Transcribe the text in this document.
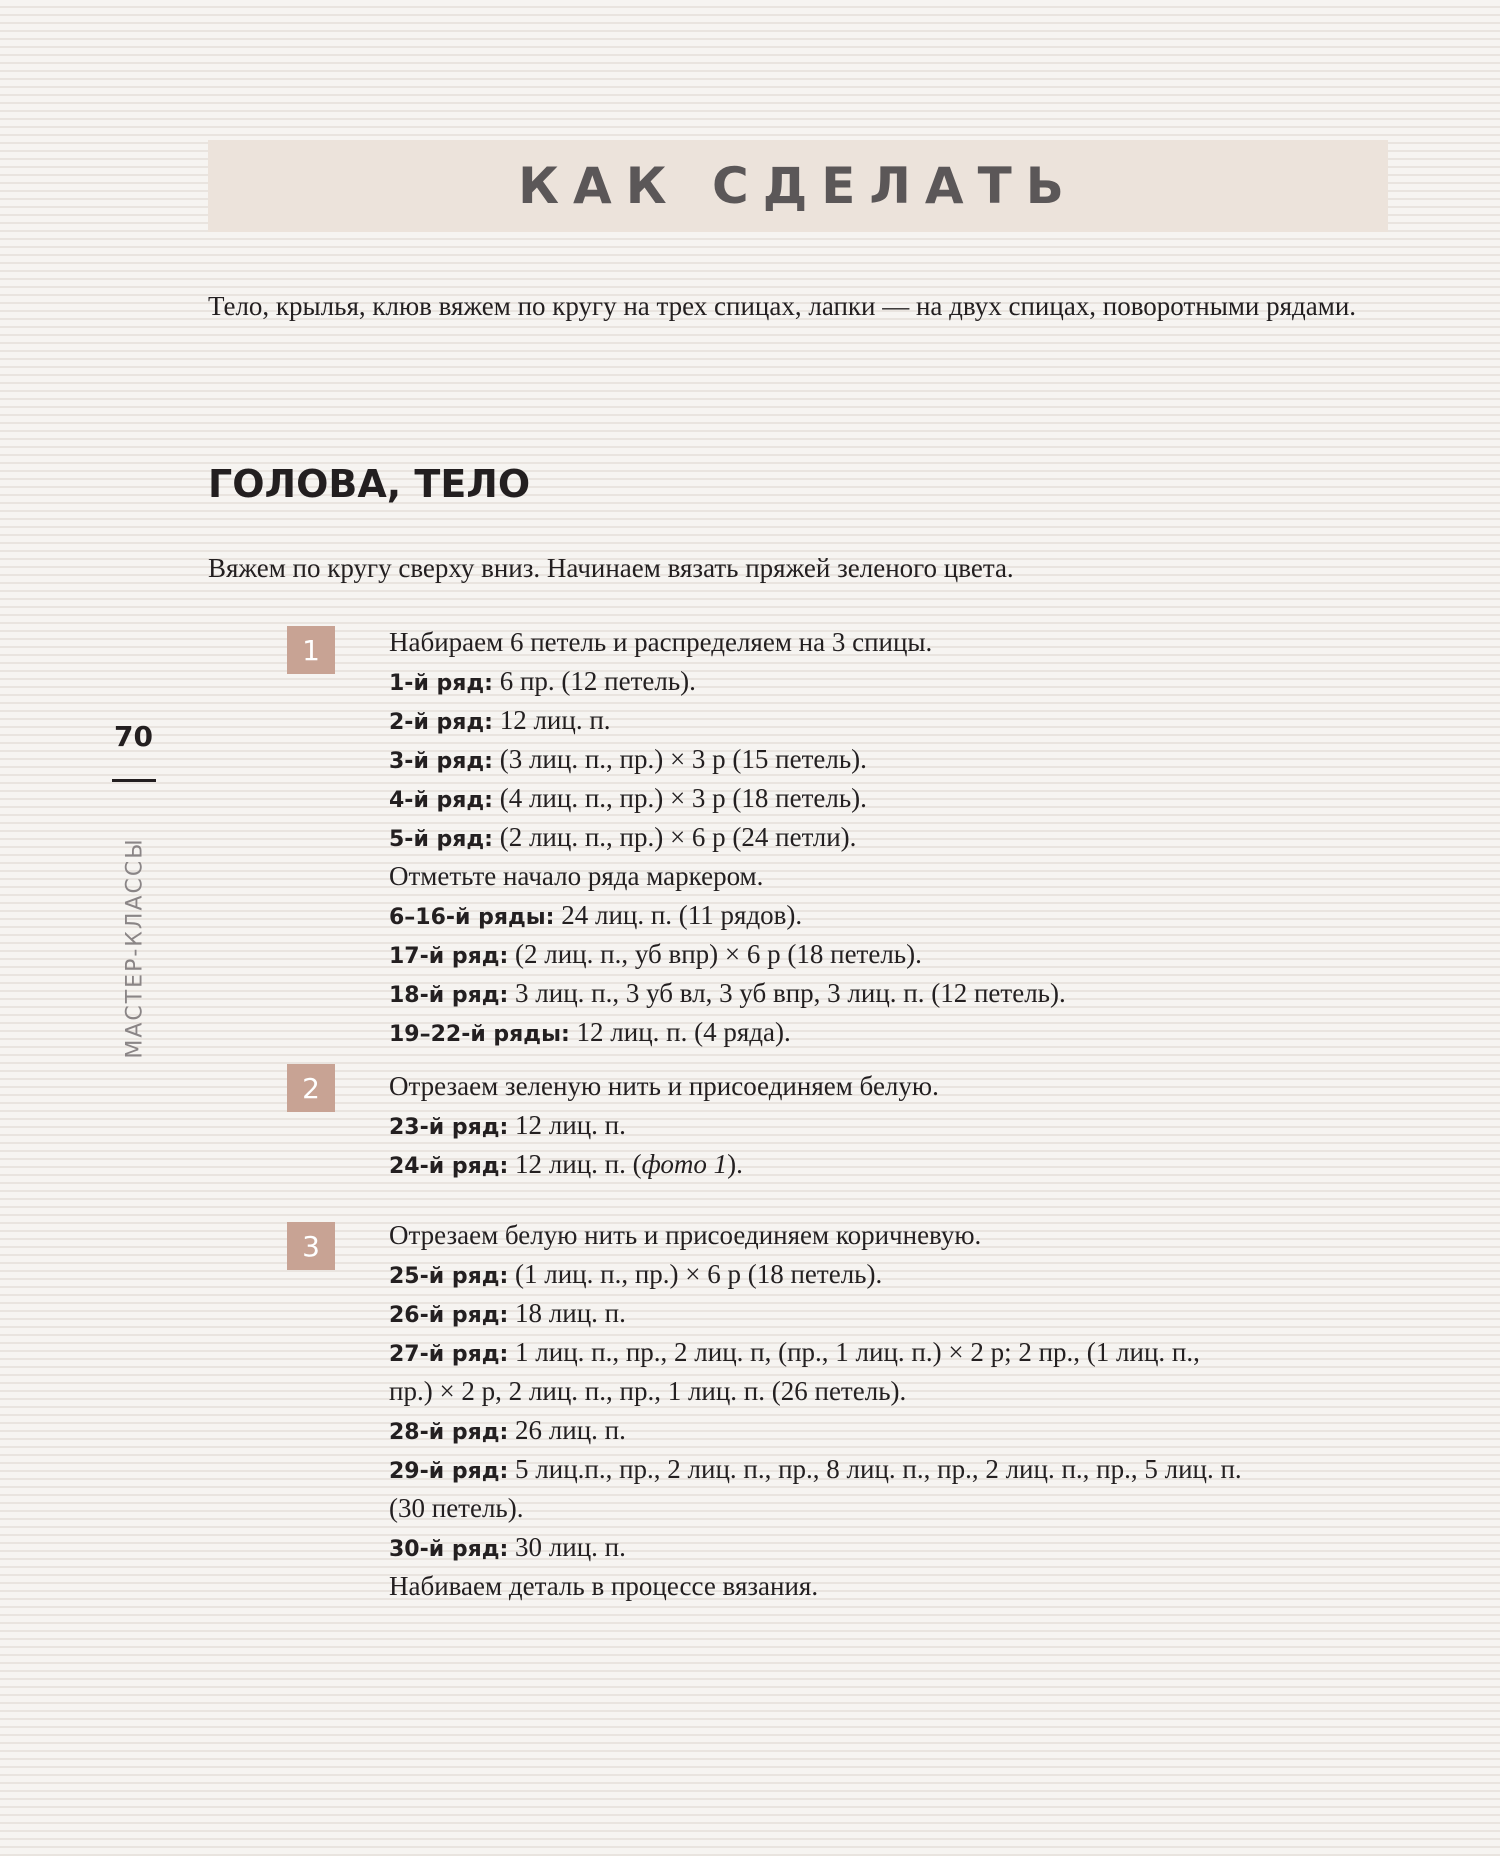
КАК СДЕЛАТЬ
Тело, крылья, клюв вяжем по кругу на трех спицах, лапки — на двух спицах, поворотными рядами.
ГОЛОВА, ТЕЛО
Вяжем по кругу сверху вниз. Начинаем вязать пряжей зеленого цвета.
1	Набираем 6 петель и распределяем на 3 спицы.
1-й ряд: 6 пр. (12 петель).
2-й ряд: 12 лиц. п.
3-й ряд: (3 лиц. п., пр.) × 3 р (15 петель).
4-й ряд: (4 лиц. п., пр.) × 3 р (18 петель).
5-й ряд: (2 лиц. п., пр.) × 6 р (24 петли).
Отметьте начало ряда маркером.
6–16-й ряды: 24 лиц. п. (11 рядов).
17-й ряд: (2 лиц. п., уб впр) × 6 р (18 петель).
18-й ряд: 3 лиц. п., 3 уб вл, 3 уб впр, 3 лиц. п. (12 петель).
19–22-й ряды: 12 лиц. п. (4 ряда).
2	Отрезаем зеленую нить и присоединяем белую.
23-й ряд: 12 лиц. п.
24-й ряд: 12 лиц. п. (фото 1).
3	Отрезаем белую нить и присоединяем коричневую.
25-й ряд: (1 лиц. п., пр.) × 6 р (18 петель).
26-й ряд: 18 лиц. п.
27-й ряд: 1 лиц. п., пр., 2 лиц. п, (пр., 1 лиц. п.) × 2 р; 2 пр., (1 лиц. п.,
пр.) × 2 р, 2 лиц. п., пр., 1 лиц. п. (26 петель).
28-й ряд: 26 лиц. п.
29-й ряд: 5 лиц.п., пр., 2 лиц. п., пр., 8 лиц. п., пр., 2 лиц. п., пр., 5 лиц. п.
(30 петель).
30-й ряд: 30 лиц. п.
Набиваем деталь в процессе вязания.
70
МАСТЕР-КЛАССЫ
